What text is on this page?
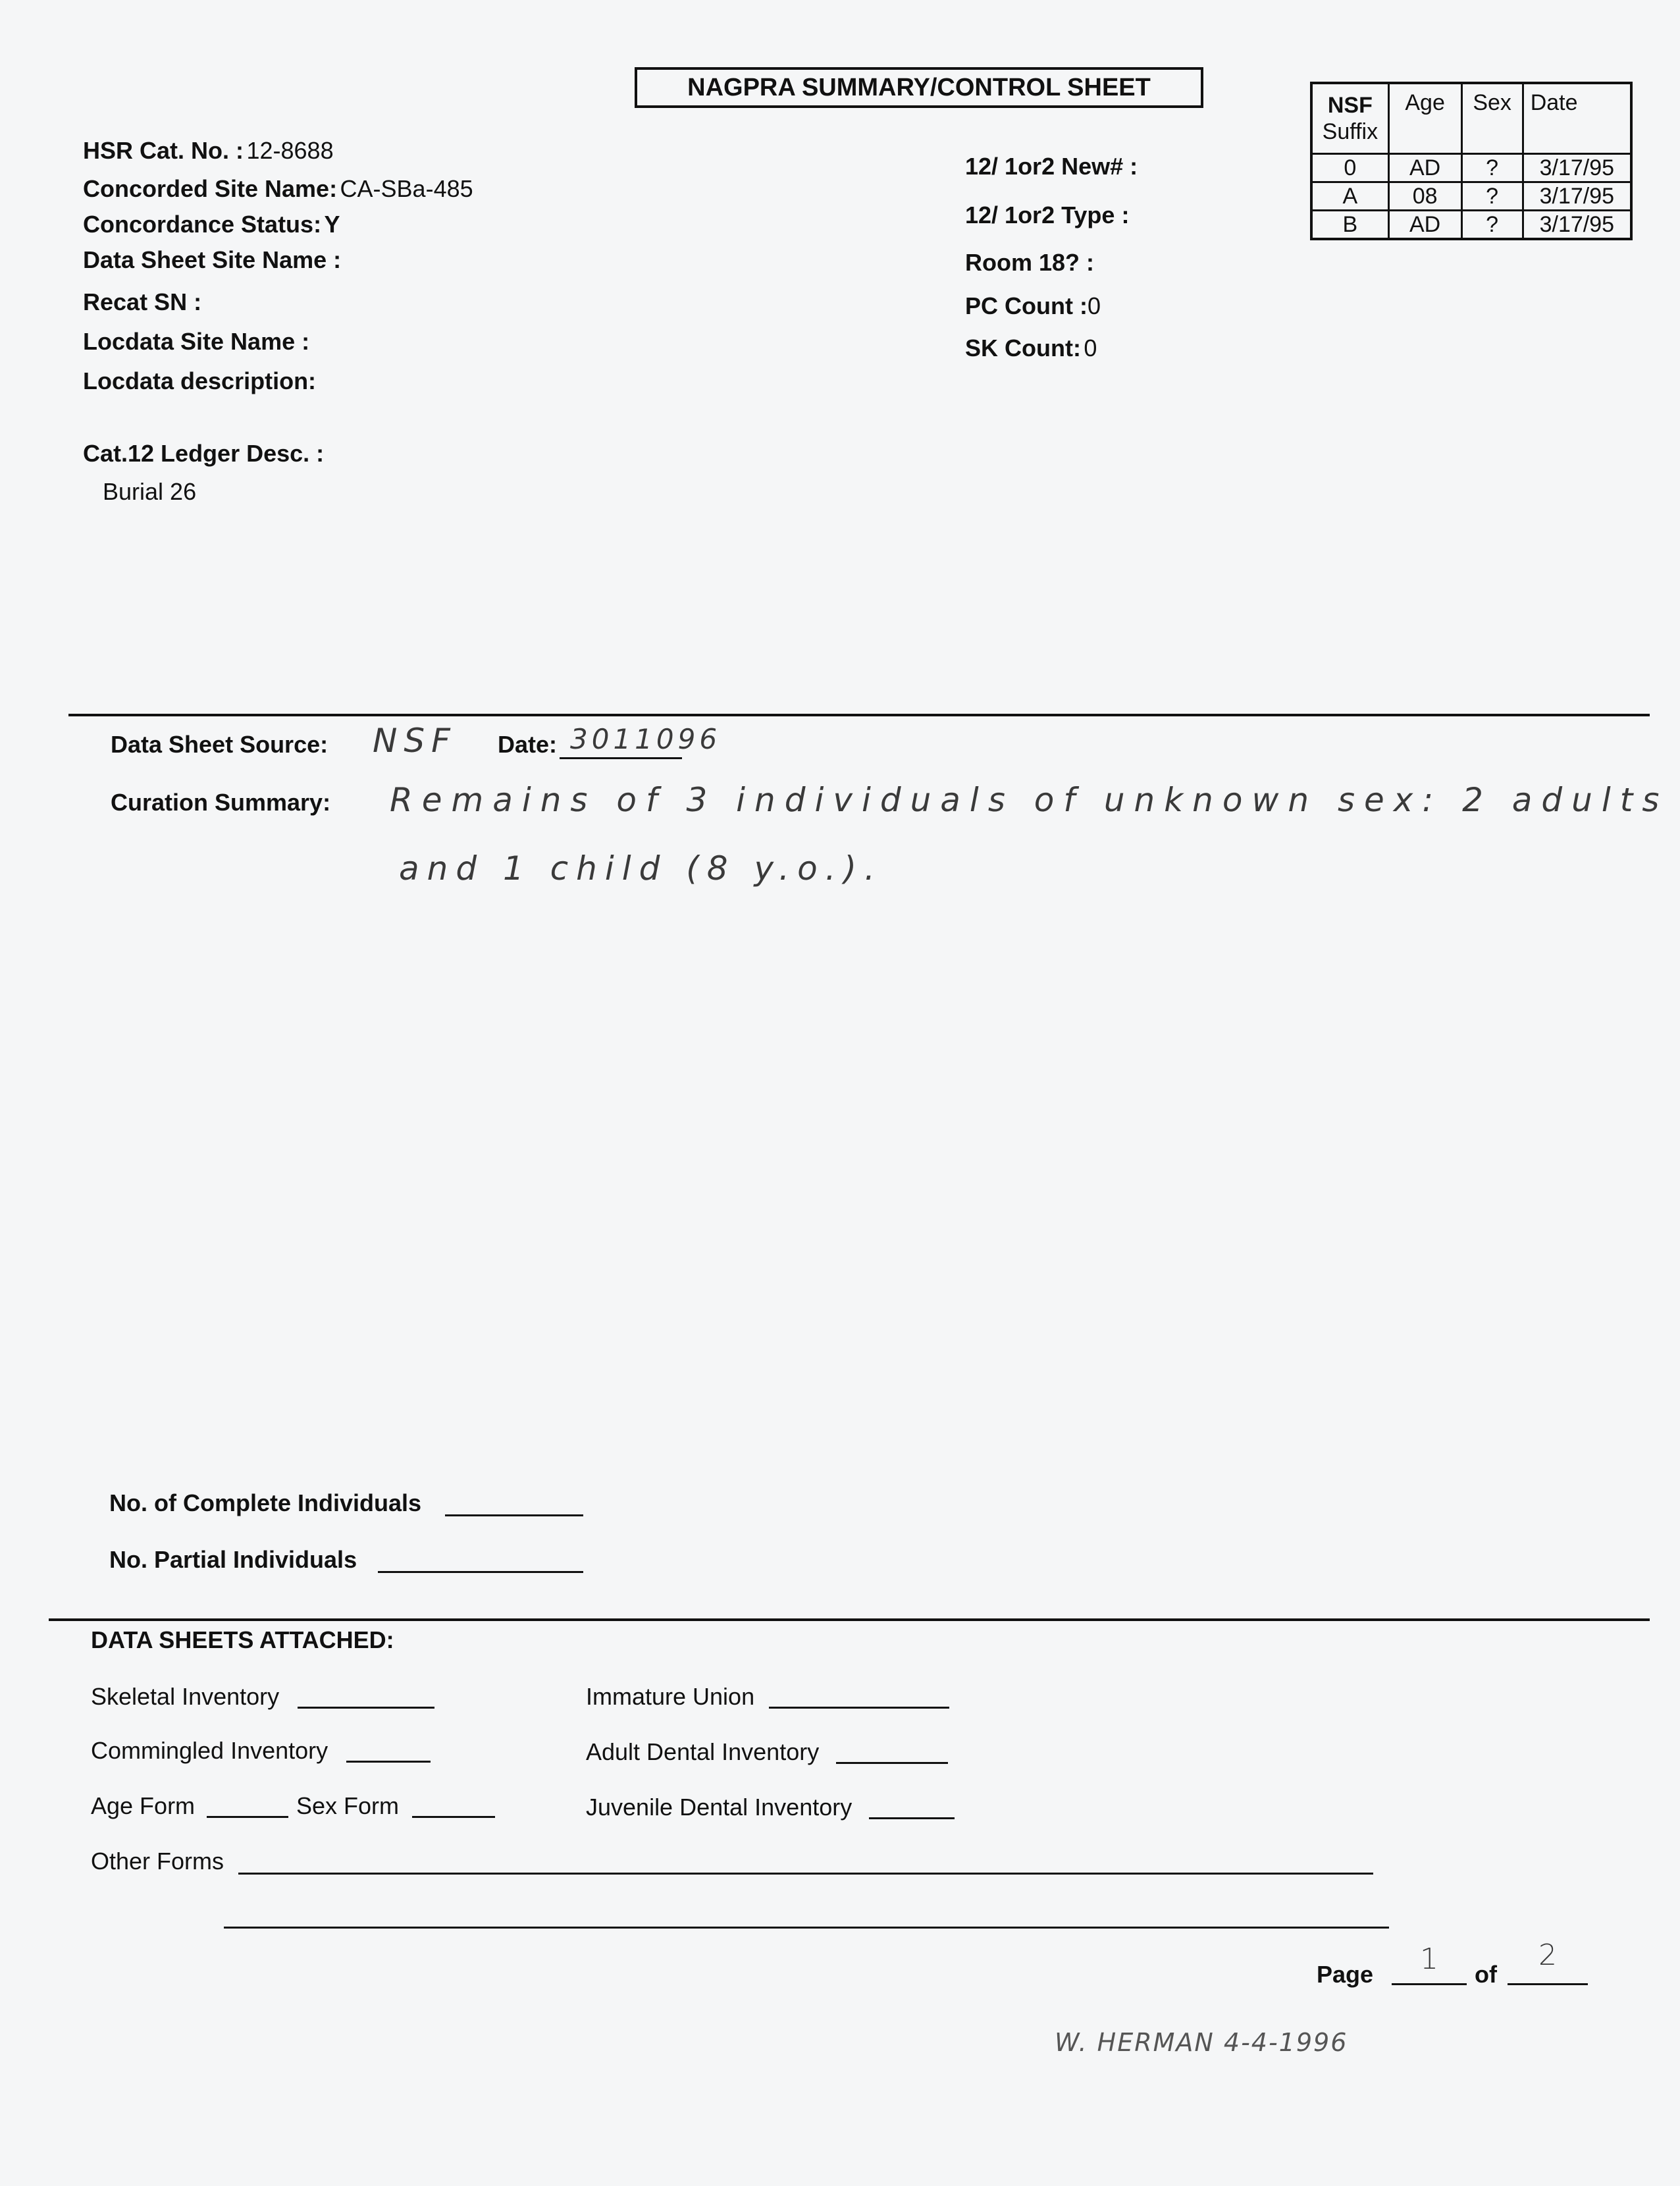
NAGPRA SUMMARY/CONTROL SHEET
HSR Cat. No. : 12-8688
Concorded Site Name: CA-SBa-485
Concordance Status: Y
Data Sheet Site Name :
Recat SN :
Locdata Site Name :
Locdata description:
Cat.12 Ledger Desc. :
Burial 26
12/ 1or2 New# :
12/ 1or2 Type :
Room 18? :
PC Count :0
SK Count: 0
NSF
Suffix	Age	Sex	Date
0	AD	?	3/17/95
A	08	?	3/17/95
B	AD	?	3/17/95
Data Sheet Source: NSF Date: 3011096
Curation Summary: Remains of 3 individuals of unknown sex: 2 adults
and 1 child (8 y.o.).
No. of Complete Individuals
No. Partial Individuals
DATA SHEETS ATTACHED:
Skeletal Inventory
Commingled Inventory
Age Form	Sex Form
Immature Union
Adult Dental Inventory
Juvenile Dental Inventory
Other Forms
Page	1	of
2
W. HERMAN 4-4-1996
